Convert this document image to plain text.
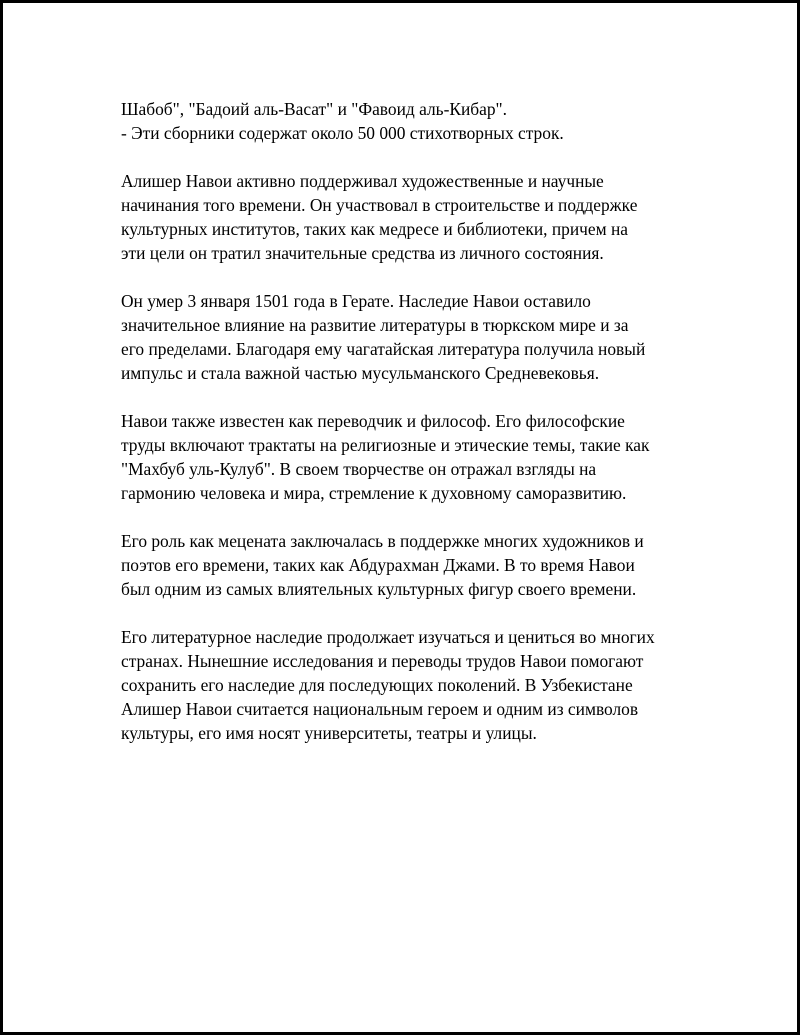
Шабоб", "Бадоий аль-Васат" и "Фавоид аль-Кибар".
- Эти сборники содержат около 50 000 стихотворных строк.

Алишер Навои активно поддерживал художественные и научные
начинания того времени. Он участвовал в строительстве и поддержке
культурных институтов, таких как медресе и библиотеки, причем на
эти цели он тратил значительные средства из личного состояния.

Он умер 3 января 1501 года в Герате. Наследие Навои оставило
значительное влияние на развитие литературы в тюркском мире и за
его пределами. Благодаря ему чагатайская литература получила новый
импульс и стала важной частью мусульманского Средневековья.

Навои также известен как переводчик и философ. Его философские
труды включают трактаты на религиозные и этические темы, такие как
"Махбуб уль-Кулуб". В своем творчестве он отражал взгляды на
гармонию человека и мира, стремление к духовному саморазвитию.

Его роль как мецената заключалась в поддержке многих художников и
поэтов его времени, таких как Абдурахман Джами. В то время Навои
был одним из самых влиятельных культурных фигур своего времени.

Его литературное наследие продолжает изучаться и цениться во многих
странах. Нынешние исследования и переводы трудов Навои помогают
сохранить его наследие для последующих поколений. В Узбекистане
Алишер Навои считается национальным героем и одним из символов
культуры, его имя носят университеты, театры и улицы.
